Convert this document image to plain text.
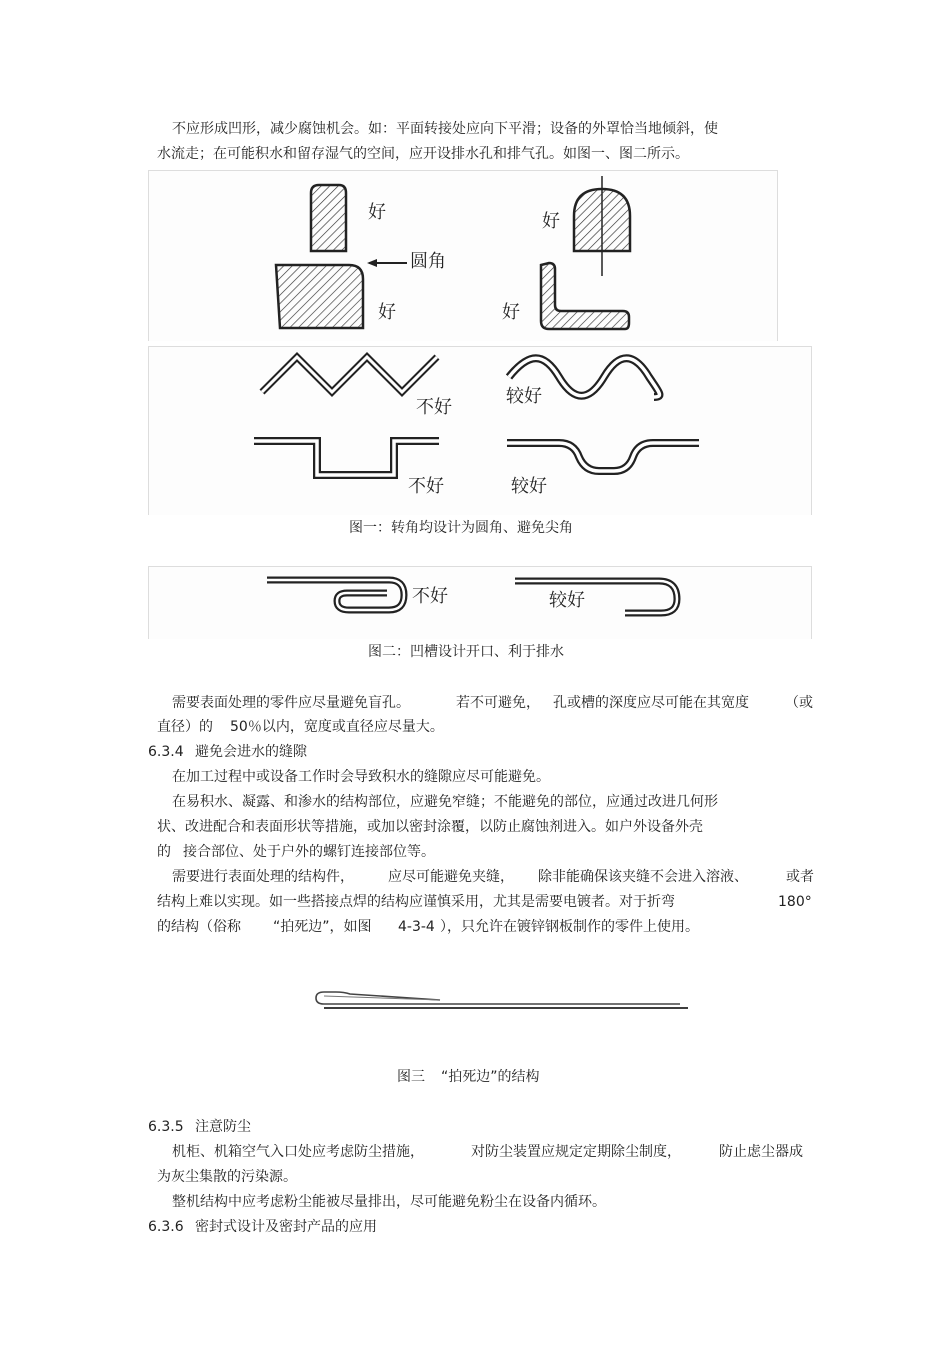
不应形成凹形，减少腐蚀机会。如：平面转接处应向下平滑；设备的外罩恰当地倾斜，使
水流走；在可能积水和留存湿气的空间，应开设排水孔和排气孔。如图一、图二所示。
好
圆角
好
好
好
不好
较好
不好	较好
图一：转角均设计为圆角、避免尖角
不好	较好
图二：凹槽设计开口、利于排水
需要表面处理的零件应尽量避免盲孔。	若不可避免， 孔或槽的深度应尽可能在其宽度	（或
直径）的 50％以内，宽度或直径应尽量大。
6.3.4 避免会进水的缝隙
在加工过程中或设备工作时会导致积水的缝隙应尽可能避免。
在易积水、凝露、和渗水的结构部位，应避免窄缝；不能避免的部位，应通过改进几何形
状、改进配合和表面形状等措施，或加以密封涂覆，以防止腐蚀剂进入。如户外设备外壳
的 接合部位、处于户外的螺钉连接部位等。
需要进行表面处理的结构件， 应尽可能避免夹缝， 除非能确保该夹缝不会进入溶液、	或者
结构上难以实现。如一些搭接点焊的结构应谨慎采用，尤其是需要电镀者。对于折弯	180°
的结构（俗称 “拍死边”，如图 4-3-4 ），只允许在镀锌钢板制作的零件上使用。
图三 “拍死边”的结构
6.3.5 注意防尘
机柜、机箱空气入口处应考虑防尘措施，	对防尘装置应规定定期除尘制度，	防止虑尘器成
为灰尘集散的污染源。
整机结构中应考虑粉尘能被尽量排出，尽可能避免粉尘在设备内循环。
6.3.6 密封式设计及密封产品的应用
